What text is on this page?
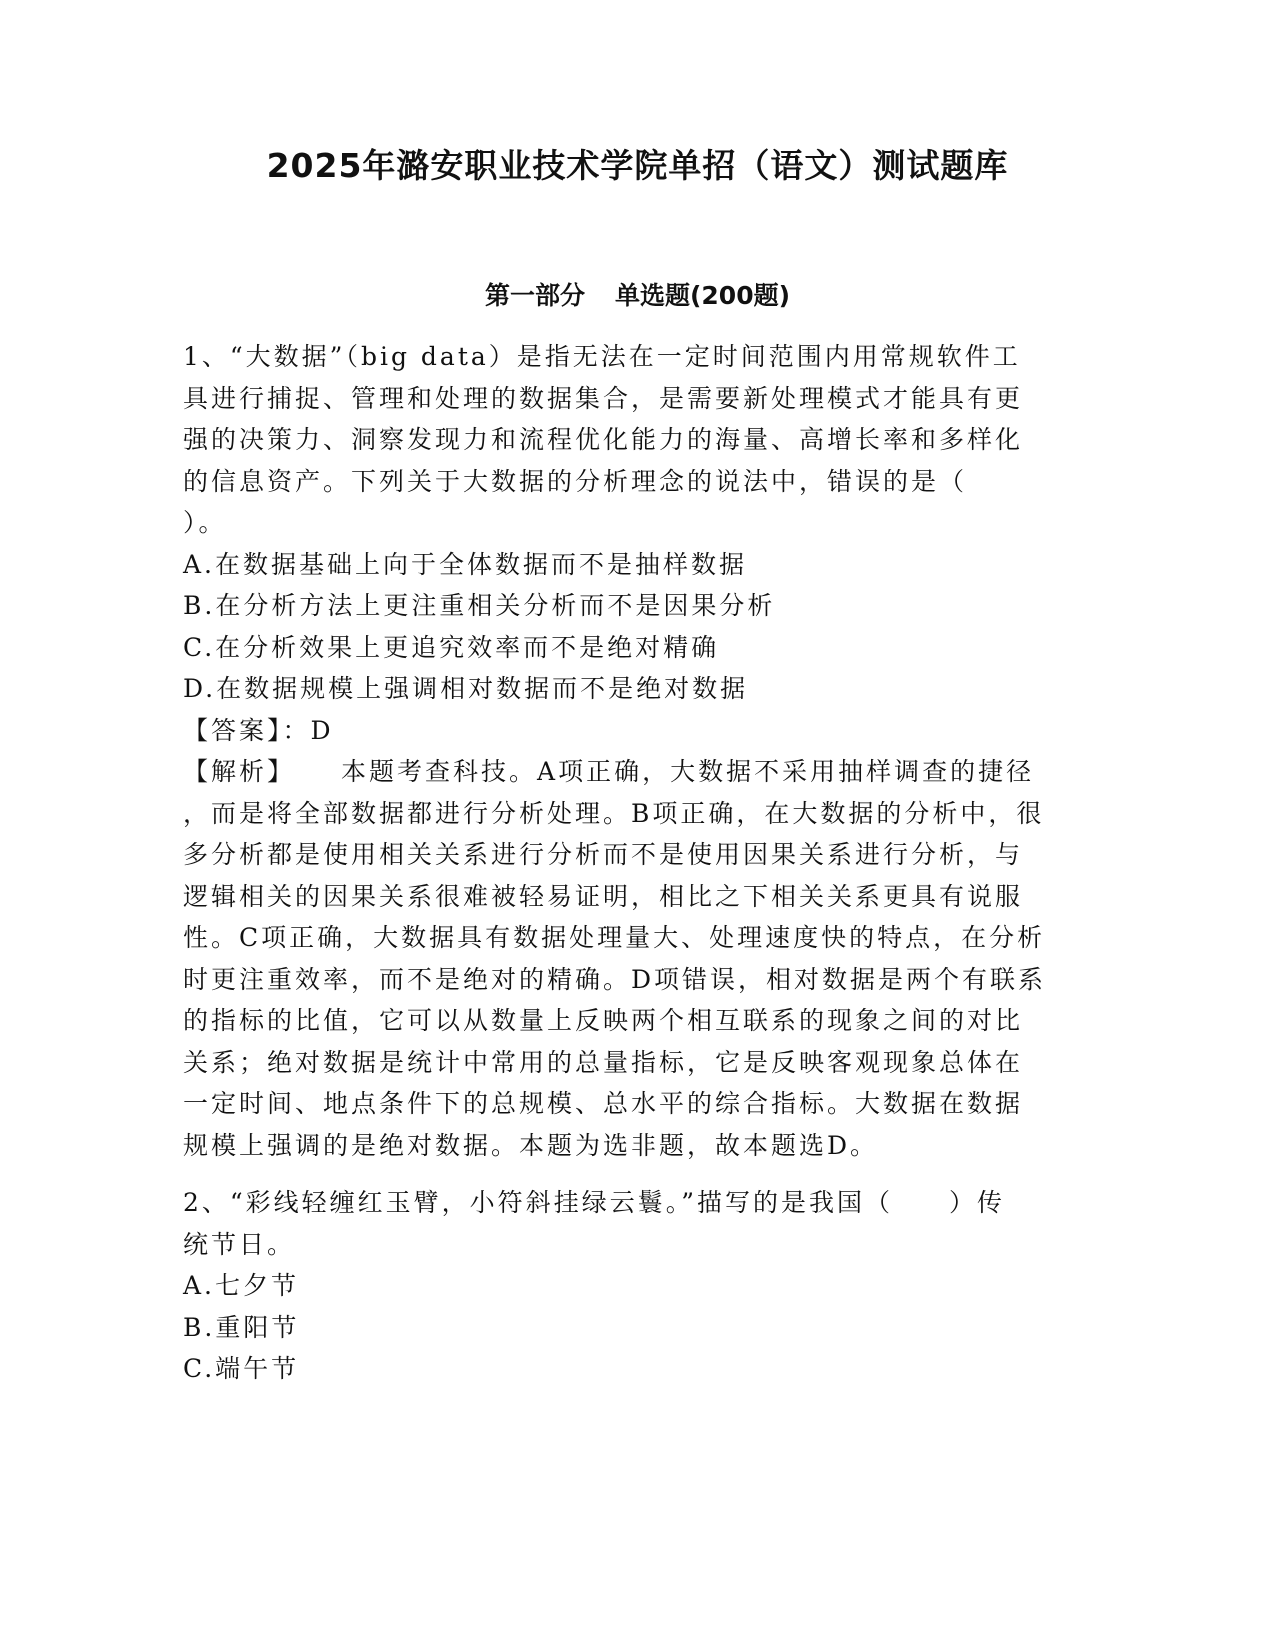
2025年潞安职业技术学院单招（语文）测试题库
第一部分 单选题(200题)
1、“大数据”（big data）是指无法在一定时间范围内用常规软件工
具进行捕捉、管理和处理的数据集合，是需要新处理模式才能具有更
强的决策力、洞察发现力和流程优化能力的海量、高增长率和多样化
的信息资产。下列关于大数据的分析理念的说法中，错误的是（
）。
A.在数据基础上向于全体数据而不是抽样数据
B.在分析方法上更注重相关分析而不是因果分析
C.在分析效果上更追究效率而不是绝对精确
D.在数据规模上强调相对数据而不是绝对数据
【答案】：D
【解析】 本题考查科技。A项正确，大数据不采用抽样调查的捷径
，而是将全部数据都进行分析处理。B项正确，在大数据的分析中，很
多分析都是使用相关关系进行分析而不是使用因果关系进行分析，与
逻辑相关的因果关系很难被轻易证明，相比之下相关关系更具有说服
性。C项正确，大数据具有数据处理量大、处理速度快的特点，在分析
时更注重效率，而不是绝对的精确。D项错误，相对数据是两个有联系
的指标的比值，它可以从数量上反映两个相互联系的现象之间的对比
关系；绝对数据是统计中常用的总量指标，它是反映客观现象总体在
一定时间、地点条件下的总规模、总水平的综合指标。大数据在数据
规模上强调的是绝对数据。本题为选非题，故本题选D。
2、“彩线轻缠红玉臂，小符斜挂绿云鬟。”描写的是我国（　　）传
统节日。
A.七夕节
B.重阳节
C.端午节
